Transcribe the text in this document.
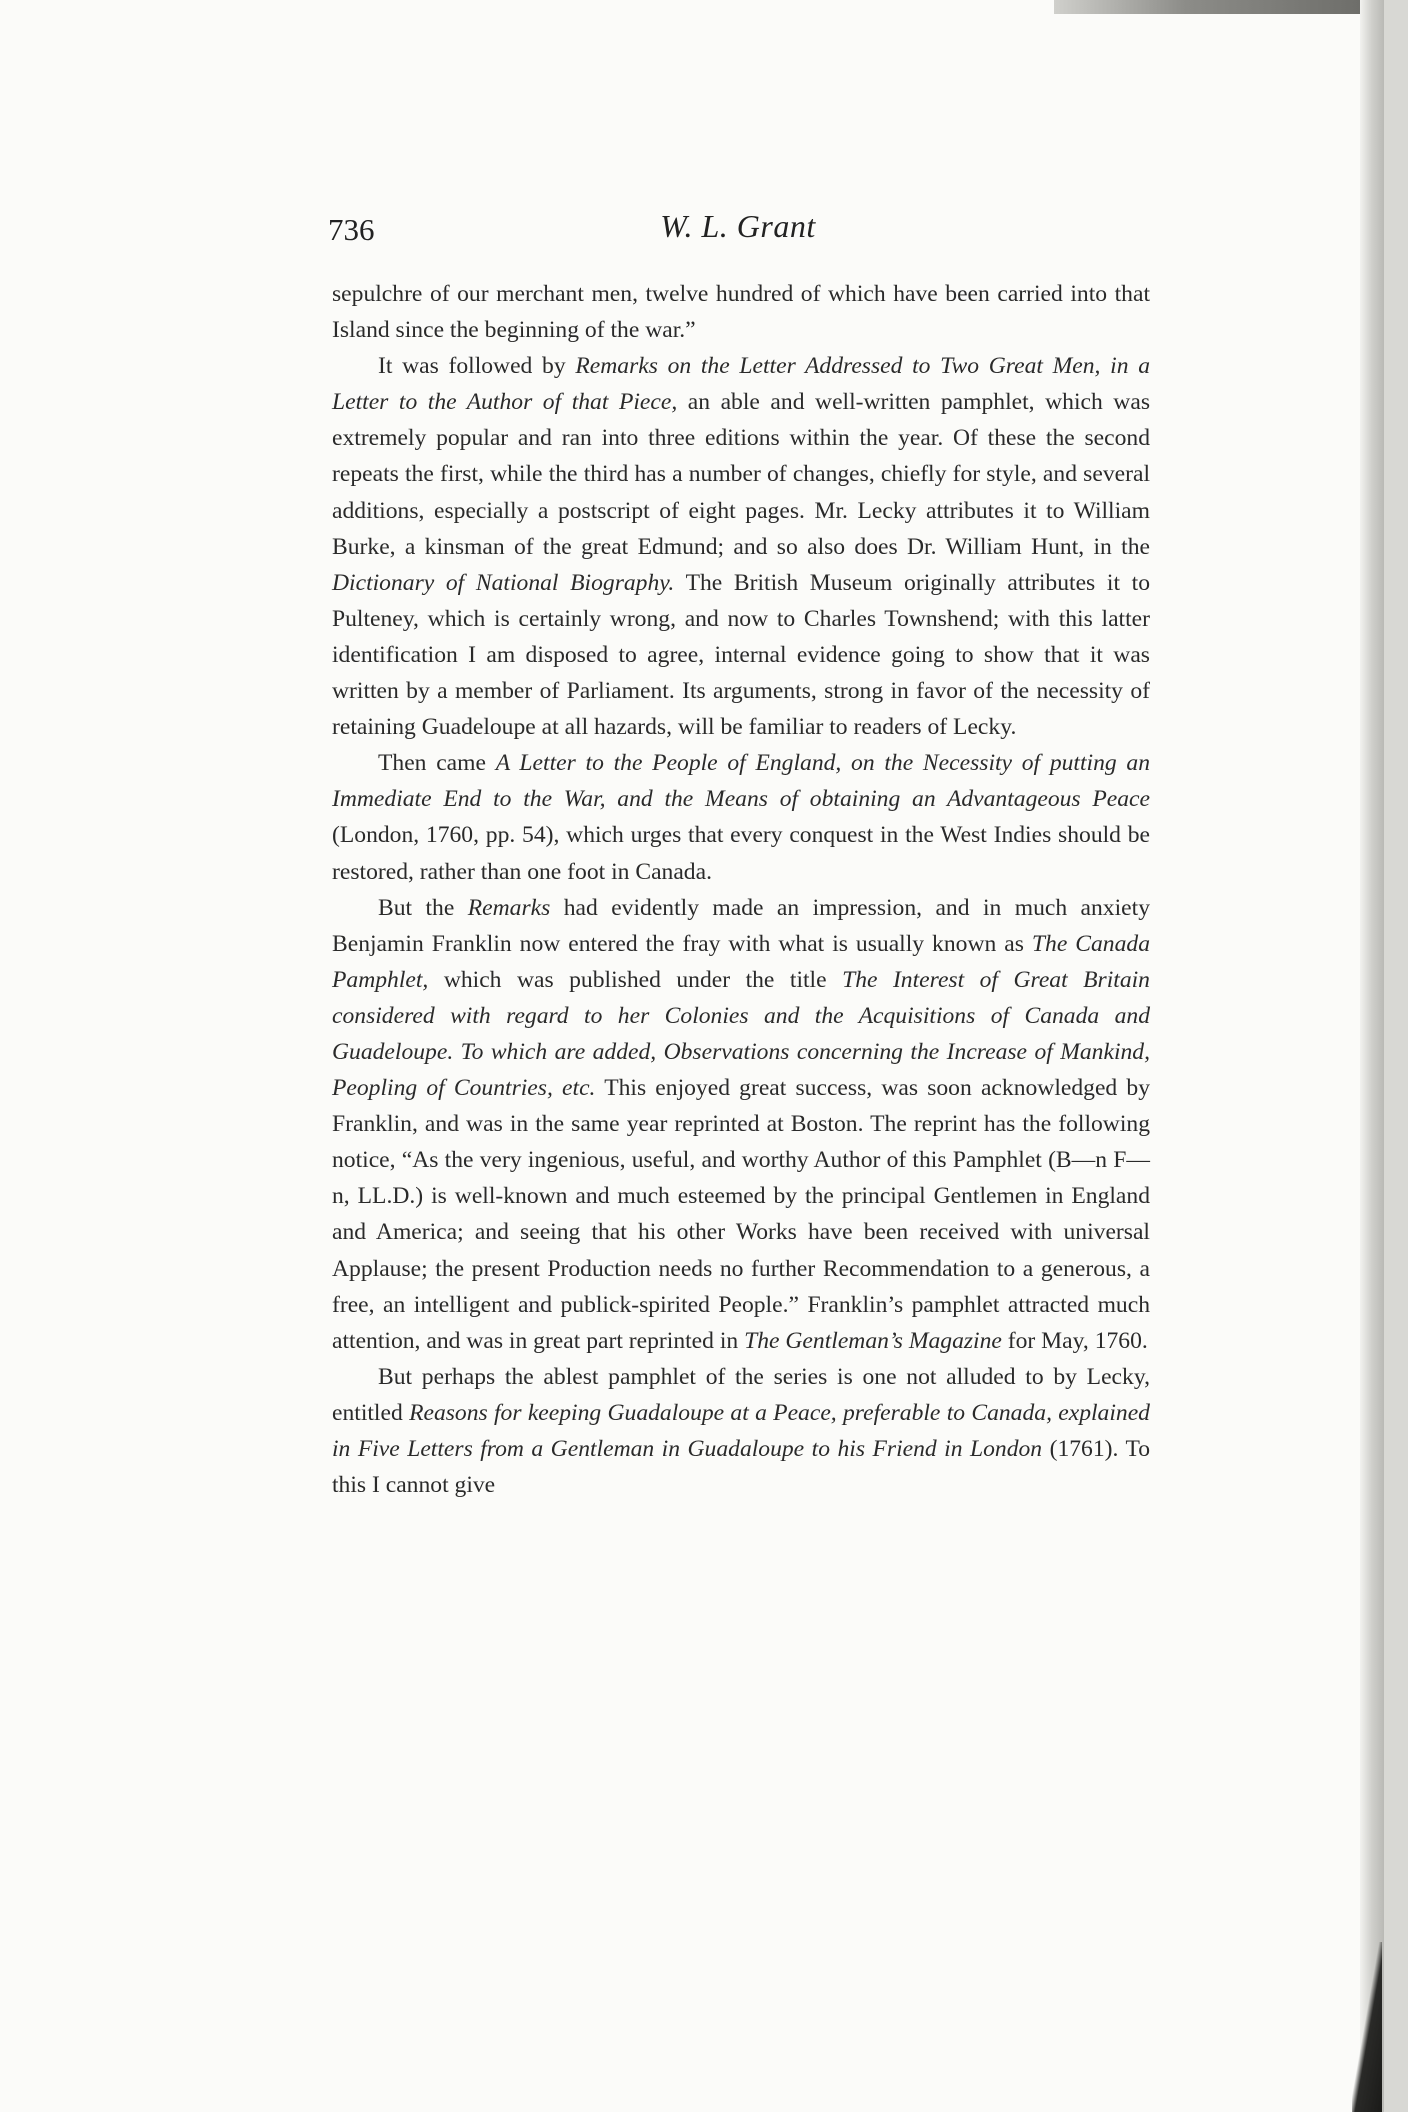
736	W. L. Grant

sepulchre of our merchant men, twelve hundred of which have been carried into that Island since the beginning of the war.”

It was followed by Remarks on the Letter Addressed to Two Great Men, in a Letter to the Author of that Piece, an able and well-written pamphlet, which was extremely popular and ran into three editions within the year. Of these the second repeats the first, while the third has a number of changes, chiefly for style, and several additions, especially a postscript of eight pages. Mr. Lecky attributes it to William Burke, a kinsman of the great Edmund; and so also does Dr. William Hunt, in the Dictionary of National Biography. The British Museum originally attributes it to Pulteney, which is certainly wrong, and now to Charles Townshend; with this latter identification I am disposed to agree, internal evidence going to show that it was written by a member of Parliament. Its arguments, strong in favor of the necessity of retaining Guadeloupe at all hazards, will be familiar to readers of Lecky.

Then came A Letter to the People of England, on the Necessity of putting an Immediate End to the War, and the Means of obtaining an Advantageous Peace (London, 1760, pp. 54), which urges that every conquest in the West Indies should be restored, rather than one foot in Canada.

But the Remarks had evidently made an impression, and in much anxiety Benjamin Franklin now entered the fray with what is usually known as The Canada Pamphlet, which was published under the title The Interest of Great Britain considered with regard to her Colonies and the Acquisitions of Canada and Guadeloupe. To which are added, Observations concerning the Increase of Mankind, Peopling of Countries, etc. This enjoyed great success, was soon acknowledged by Franklin, and was in the same year reprinted at Boston. The reprint has the following notice, “As the very ingenious, useful, and worthy Author of this Pamphlet (B—n F—n, LL.D.) is well-known and much esteemed by the principal Gentlemen in England and America; and seeing that his other Works have been received with universal Applause; the present Production needs no further Recommendation to a generous, a free, an intelligent and publick-spirited People.” Franklin’s pamphlet attracted much attention, and was in great part reprinted in The Gentleman’s Magazine for May, 1760.

But perhaps the ablest pamphlet of the series is one not alluded to by Lecky, entitled Reasons for keeping Guadaloupe at a Peace, preferable to Canada, explained in Five Letters from a Gentleman in Guadaloupe to his Friend in London (1761). To this I cannot give
